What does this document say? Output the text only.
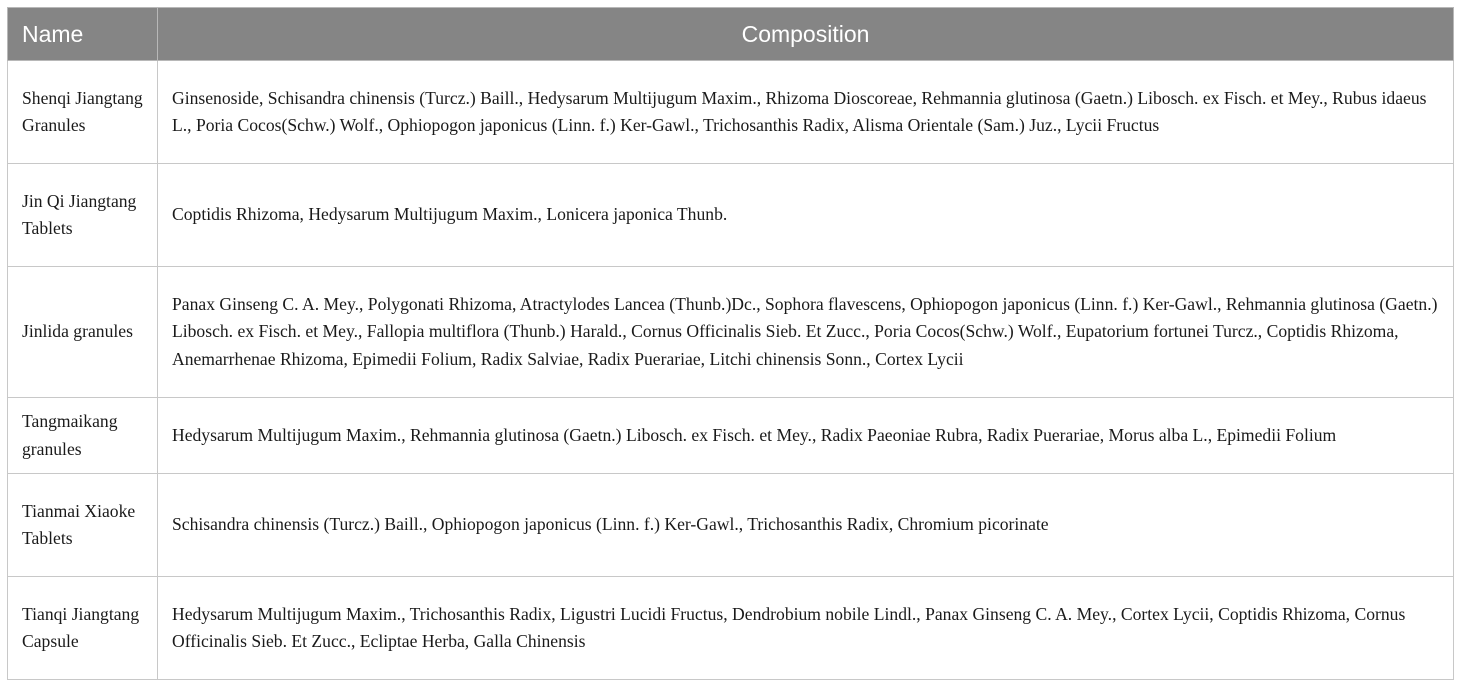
Name	Composition
Shenqi Jiangtang Granules	Ginsenoside, Schisandra chinensis (Turcz.) Baill., Hedysarum Multijugum Maxim., Rhizoma Dioscoreae, Rehmannia glutinosa (Gaetn.) Libosch. ex Fisch. et Mey., Rubus idaeus L., Poria Cocos(Schw.) Wolf., Ophiopogon japonicus (Linn. f.) Ker-Gawl., Trichosanthis Radix, Alisma Orientale (Sam.) Juz., Lycii Fructus
Jin Qi Jiangtang Tablets	Coptidis Rhizoma, Hedysarum Multijugum Maxim., Lonicera japonica Thunb.
Jinlida granules	Panax Ginseng C. A. Mey., Polygonati Rhizoma, Atractylodes Lancea (Thunb.)Dc., Sophora flavescens, Ophiopogon japonicus (Linn. f.) Ker-Gawl., Rehmannia glutinosa (Gaetn.) Libosch. ex Fisch. et Mey., Fallopia multiflora (Thunb.) Harald., Cornus Officinalis Sieb. Et Zucc., Poria Cocos(Schw.) Wolf., Eupatorium fortunei Turcz., Coptidis Rhizoma, Anemarrhenae Rhizoma, Epimedii Folium, Radix Salviae, Radix Puerariae, Litchi chinensis Sonn., Cortex Lycii
Tangmaikang granules	Hedysarum Multijugum Maxim., Rehmannia glutinosa (Gaetn.) Libosch. ex Fisch. et Mey., Radix Paeoniae Rubra, Radix Puerariae, Morus alba L., Epimedii Folium
Tianmai Xiaoke Tablets	Schisandra chinensis (Turcz.) Baill., Ophiopogon japonicus (Linn. f.) Ker-Gawl., Trichosanthis Radix, Chromium picorinate
Tianqi Jiangtang Capsule	Hedysarum Multijugum Maxim., Trichosanthis Radix, Ligustri Lucidi Fructus, Dendrobium nobile Lindl., Panax Ginseng C. A. Mey., Cortex Lycii, Coptidis Rhizoma, Cornus Officinalis Sieb. Et Zucc., Ecliptae Herba, Galla Chinensis
